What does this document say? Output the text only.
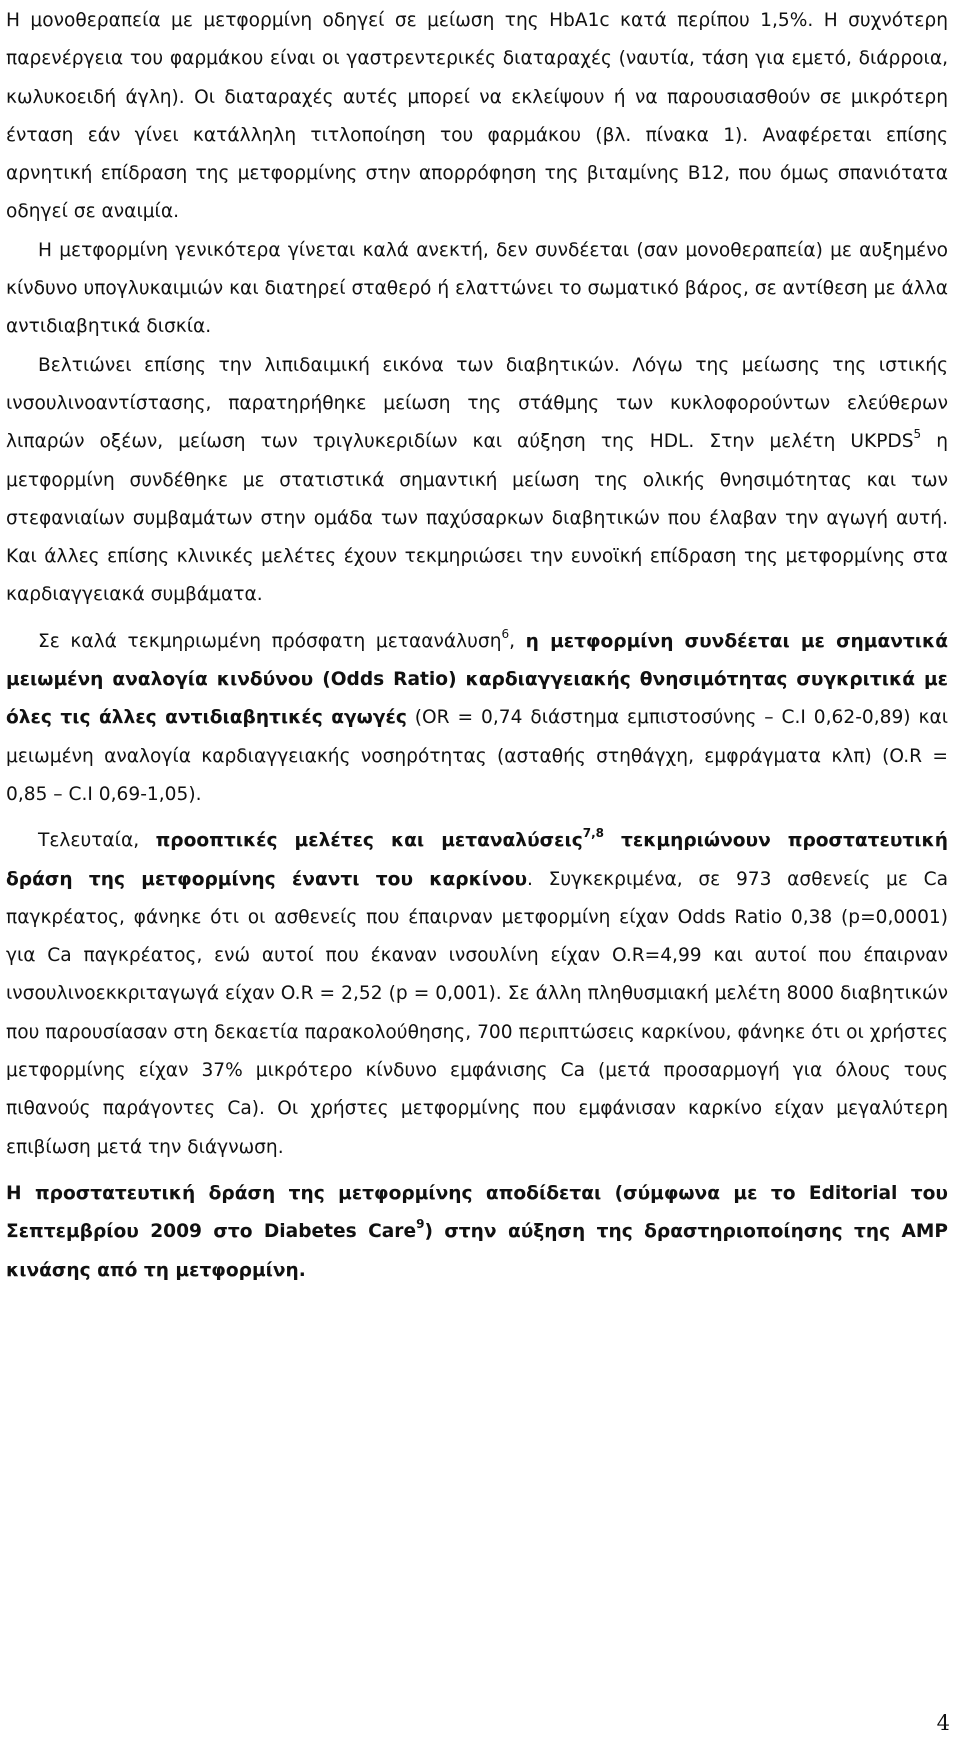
Η μονοθεραπεία με μετφορμίνη οδηγεί σε μείωση της HbA1c κατά περίπου 1,5%. Η συχνότερη παρενέργεια του φαρμάκου είναι οι γαστρεντερικές διαταραχές (ναυτία, τάση για εμετό, διάρροια, κωλυκοειδή άγλη). Οι διαταραχές αυτές μπορεί να εκλείψουν ή να παρουσιασθούν σε μικρότερη ένταση εάν γίνει κατάλληλη τιτλοποίηση του φαρμάκου (βλ. πίνακα 1). Αναφέρεται επίσης αρνητική επίδραση της μετφορμίνης στην απορρόφηση της βιταμίνης Β12, που όμως σπανιότατα οδηγεί σε αναιμία.

Η μετφορμίνη γενικότερα γίνεται καλά ανεκτή, δεν συνδέεται (σαν μονοθεραπεία) με αυξημένο κίνδυνο υπογλυκαιμιών και διατηρεί σταθερό ή ελαττώνει το σωματικό βάρος, σε αντίθεση με άλλα αντιδιαβητικά δισκία.

Βελτιώνει επίσης την λιπιδαιμική εικόνα των διαβητικών. Λόγω της μείωσης της ιστικής ινσουλινοαντίστασης, παρατηρήθηκε μείωση της στάθμης των κυκλοφορούντων ελεύθερων λιπαρών οξέων, μείωση των τριγλυκεριδίων και αύξηση της HDL. Στην μελέτη UKPDS$^5$ η μετφορμίνη συνδέθηκε με στατιστικά σημαντική μείωση της ολικής θνησιμότητας και των στεφανιαίων συμβαμάτων στην ομάδα των παχύσαρκων διαβητικών που έλαβαν την αγωγή αυτή. Και άλλες επίσης κλινικές μελέτες έχουν τεκμηριώσει την ευνοϊκή επίδραση της μετφορμίνης στα καρδιαγγειακά συμβάματα.

Σε καλά τεκμηριωμένη πρόσφατη μεταανάλυση$^6$, η μετφορμίνη συνδέεται με σημαντικά μειωμένη αναλογία κινδύνου (Odds Ratio) καρδιαγγειακής θνησιμότητας συγκριτικά με όλες τις άλλες αντιδιαβητικές αγωγές (OR = 0,74 διάστημα εμπιστοσύνης – C.I 0,62-0,89) και μειωμένη αναλογία καρδιαγγειακής νοσηρότητας (ασταθής στηθάγχη, εμφράγματα κλπ) (O.R = 0,85 – C.I 0,69-1,05).

Τελευταία, προοπτικές μελέτες και μεταναλύσεις$^{7,8}$ τεκμηριώνουν προστατευτική δράση της μετφορμίνης έναντι του καρκίνου. Συγκεκριμένα, σε 973 ασθενείς με Ca παγκρέατος, φάνηκε ότι οι ασθενείς που έπαιρναν μετφορμίνη είχαν Odds Ratio 0,38 (p=0,0001) για Ca παγκρέατος, ενώ αυτοί που έκαναν ινσουλίνη είχαν O.R=4,99 και αυτοί που έπαιρναν ινσουλινοεκκριταγωγά είχαν O.R = 2,52 (p = 0,001). Σε άλλη πληθυσμιακή μελέτη 8000 διαβητικών που παρουσίασαν στη δεκαετία παρακολούθησης, 700 περιπτώσεις καρκίνου, φάνηκε ότι οι χρήστες μετφορμίνης είχαν 37% μικρότερο κίνδυνο εμφάνισης Ca (μετά προσαρμογή για όλους τους πιθανούς παράγοντες Ca). Οι χρήστες μετφορμίνης που εμφάνισαν καρκίνο είχαν μεγαλύτερη επιβίωση μετά την διάγνωση.

Η προστατευτική δράση της μετφορμίνης αποδίδεται (σύμφωνα με το Editorial του Σεπτεμβρίου 2009 στο Diabetes Care$^9$) στην αύξηση της δραστηριοποίησης της AMP κινάσης από τη μετφορμίνη.

4
